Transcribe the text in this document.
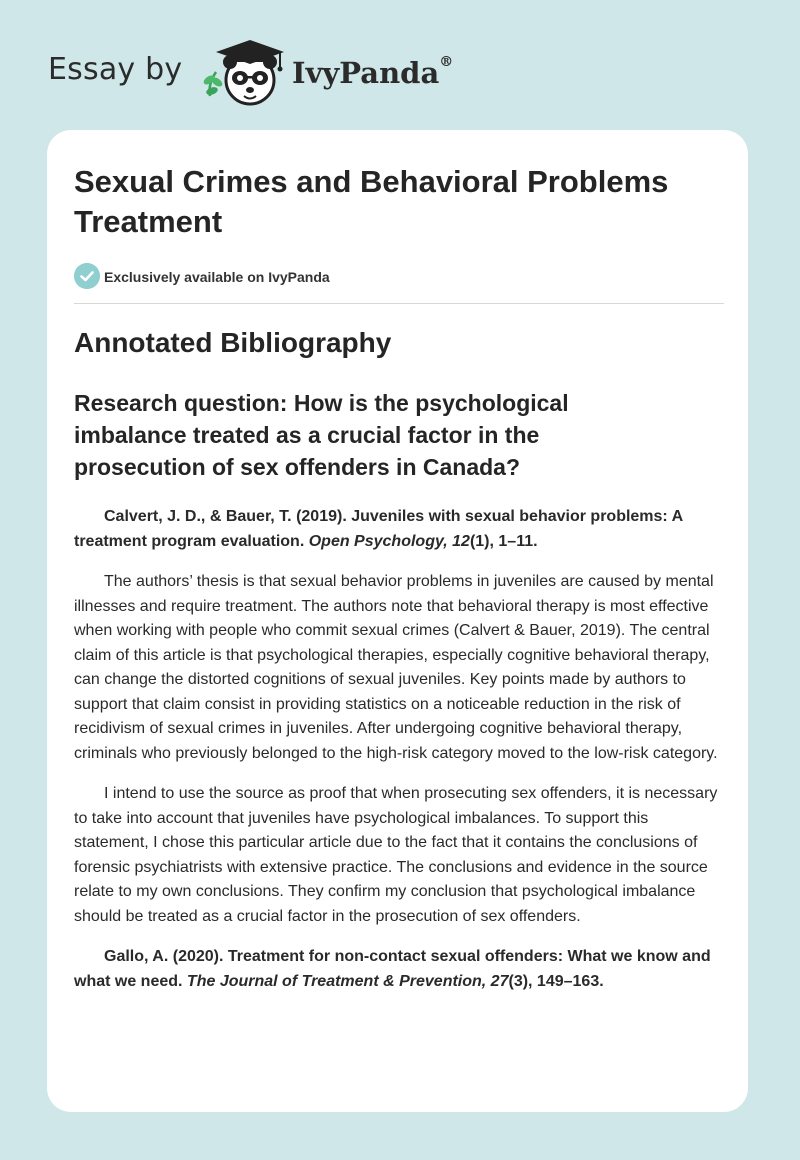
Essay by	IvyPanda®
Sexual Crimes and Behavioral Problems Treatment
Exclusively available on IvyPanda
Annotated Bibliography
Research question: How is the psychological imbalance treated as a crucial factor in the prosecution of sex offenders in Canada?

Calvert, J. D., & Bauer, T. (2019). Juveniles with sexual behavior problems: A treatment program evaluation. Open Psychology, 12(1), 1–11.

The authors’ thesis is that sexual behavior problems in juveniles are caused by mental illnesses and require treatment. The authors note that behavioral therapy is most effective when working with people who commit sexual crimes (Calvert & Bauer, 2019). The central claim of this article is that psychological therapies, especially cognitive behavioral therapy, can change the distorted cognitions of sexual juveniles. Key points made by authors to support that claim consist in providing statistics on a noticeable reduction in the risk of recidivism of sexual crimes in juveniles. After undergoing cognitive behavioral therapy, criminals who previously belonged to the high-risk category moved to the low-risk category.

I intend to use the source as proof that when prosecuting sex offenders, it is necessary to take into account that juveniles have psychological imbalances. To support this statement, I chose this particular article due to the fact that it contains the conclusions of forensic psychiatrists with extensive practice. The conclusions and evidence in the source relate to my own conclusions. They confirm my conclusion that psychological imbalance should be treated as a crucial factor in the prosecution of sex offenders.

Gallo, A. (2020). Treatment for non-contact sexual offenders: What we know and what we need. The Journal of Treatment & Prevention, 27(3), 149–163.
